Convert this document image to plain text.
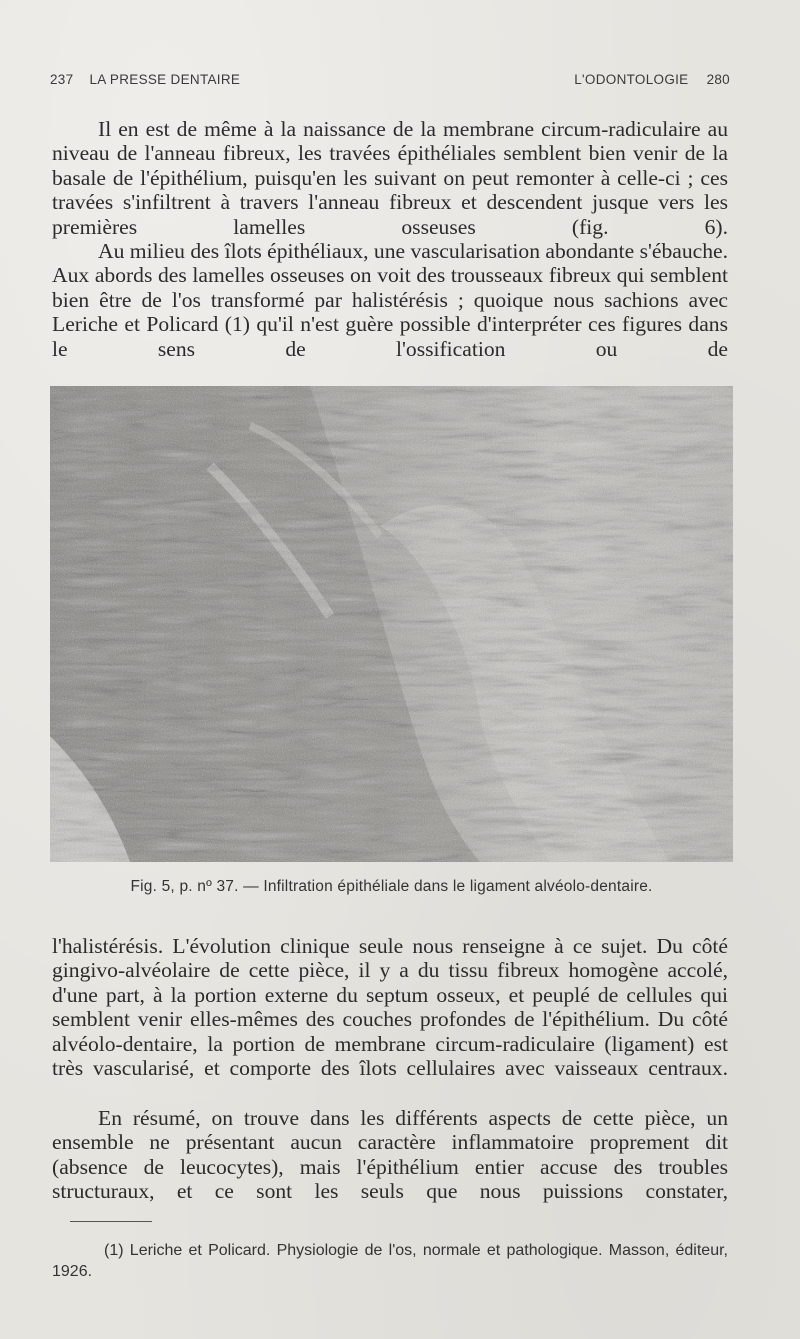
237 LA PRESSE DENTAIRE	L'ODONTOLOGIE 280

Il en est de même à la naissance de la membrane circum-radiculaire au niveau de l'anneau fibreux, les travées épithéliales semblent bien venir de la basale de l'épithélium, puisqu'en les suivant on peut remonter à celle-ci ; ces travées s'infiltrent à travers l'anneau fibreux et descendent jusque vers les premières lamelles osseuses (fig. 6).

Au milieu des îlots épithéliaux, une vascularisation abondante s'ébauche. Aux abords des lamelles osseuses on voit des trousseaux fibreux qui semblent bien être de l'os transformé par halistérésis ; quoique nous sachions avec Leriche et Policard (1) qu'il n'est guère possible d'interpréter ces figures dans le sens de l'ossification ou de

Fig. 5, p. nº 37. — Infiltration épithéliale dans le ligament alvéolo-dentaire.

l'halistérésis. L'évolution clinique seule nous renseigne à ce sujet. Du côté gingivo-alvéolaire de cette pièce, il y a du tissu fibreux homogène accolé, d'une part, à la portion externe du septum osseux, et peuplé de cellules qui semblent venir elles-mêmes des couches profondes de l'épithélium. Du côté alvéolo-dentaire, la portion de membrane circum-radiculaire (ligament) est très vascularisé, et comporte des îlots cellulaires avec vaisseaux centraux.

En résumé, on trouve dans les différents aspects de cette pièce, un ensemble ne présentant aucun caractère inflammatoire proprement dit (absence de leucocytes), mais l'épithélium entier accuse des troubles structuraux, et ce sont les seuls que nous puissions constater,

(1) Leriche et Policard. Physiologie de l'os, normale et pathologique. Masson, éditeur, 1926.
